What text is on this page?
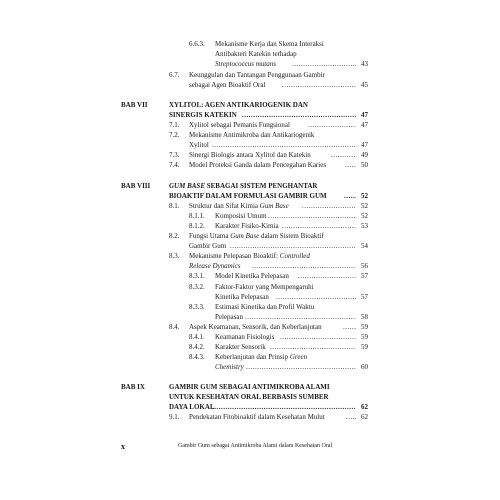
6.6.3. Mekanisme Kerja dan Skema Interaksi
Antibakteri Katekin terhadap
Streptococcus mutans .....	43
6.7. Keunggulan dan Tantangan Penggunaan Gambir
sebagai Agen Bioaktif Oral .....	45
BAB VII	XYLITOL: AGEN ANTIKARIOGENIK DAN
SINERGIS KATEKIN .....	47
7.1. Xylitol sebagai Pemanis Fungsional .....	47
7.2. Mekanisme Antimikroba dan Antikariogenik
Xylitol .....	47
7.3. Sinergi Biologis antara Xylitol dan Katekin .....	49
7.4. Model Proteksi Ganda dalam Pencegahan Karies .....	50
BAB VIII	GUM BASE SEBAGAI SISTEM PENGHANTAR
BIOAKTIF DALAM FORMULASI GAMBIR GUM .....	52
8.1. Struktur dan Sifat Kimia Gum Base .....	52
8.1.1. Komposisi Umum .....	52
8.1.2. Karakter Fisiko-Kimia .....	53
8.2. Fungsi Utama Gum Base dalam Sistem Bioaktif
Gambir Gum .....	54
8.3. Mekanisme Pelepasan Bioaktif: Controlled
Release Dynamics .....	56
8.3.1. Model Kinetika Pelepasan .....	57
8.3.2. Faktor-Faktor yang Mempengaruhi
Kinetika Pelepasan .....	57
8.3.3. Estimasi Kinetika dan Profil Waktu
Pelepasan .....	58
8.4. Aspek Keamanan, Sensorik, dan Keberlanjutan .....	59
8.4.1. Keamanan Fisiologis .....	59
8.4.2. Karakter Sensorik .....	59
8.4.3. Keberlanjutan dan Prinsip Green
Chemistry .....	60
BAB IX	GAMBIR GUM SEBAGAI ANTIMIKROBA ALAMI
UNTUK KESEHATAN ORAL BERBASIS SUMBER
DAYA LOKAL .....	62
9.1. Pendekatan Fitobioaktif dalam Kesehatan Mulut .....	62
x	Gambir Gum sebagai Antimikroba Alami dalam Kesehatan Oral
